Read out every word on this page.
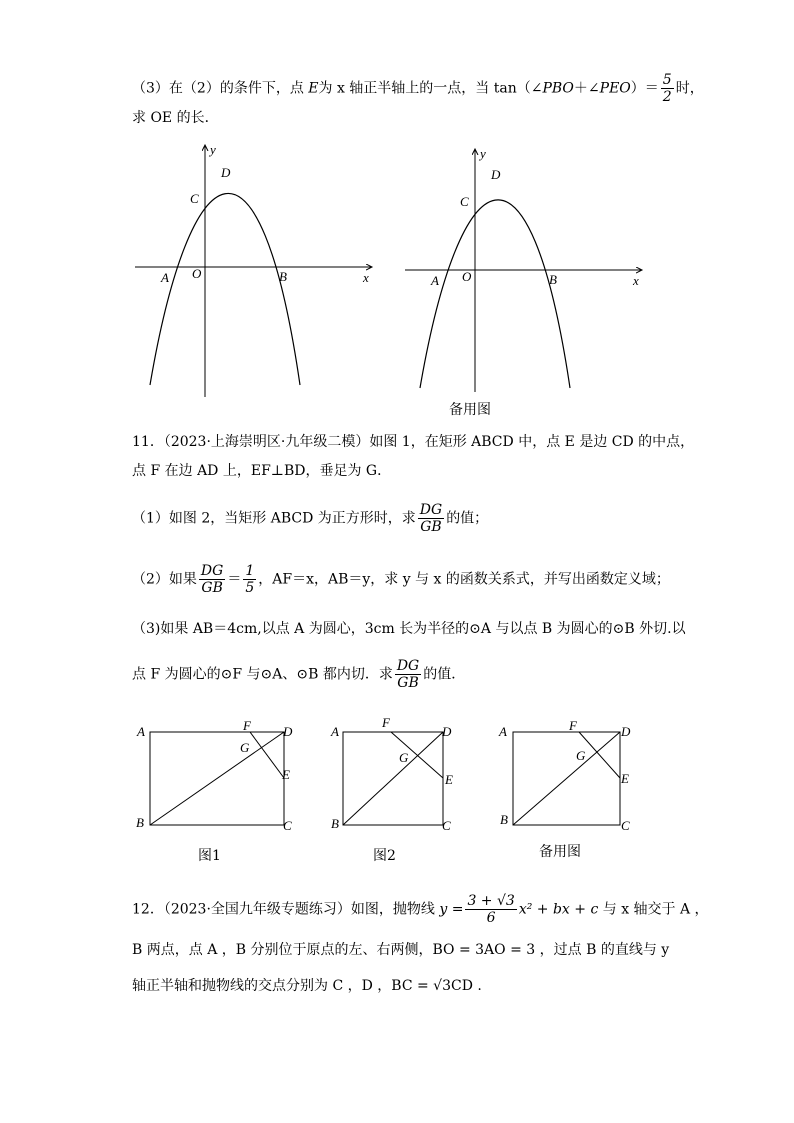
（3）在（2）的条件下，点 E为 x 轴正半轴上的一点，当 tan（∠PBO＋∠PEO）＝ $\frac{5}{2}$ 时，
求 OE 的长．
y
x
D
C
A O	B
y
x
D
C
A O	B
备用图
11．（2023·上海崇明区·九年级二模）如图 1，在矩形 ABCD 中，点 E 是边 CD 的中点，
点 F 在边 AD 上，EF⊥BD，垂足为 G．
（1）如图 2，当矩形 ABCD 为正方形时，求 $\frac{DG}{GB}$ 的值；
（2）如果 $\frac{DG}{GB} = \frac{1}{5}$ ，AF＝x，AB＝y，求 y 与 x 的函数关系式，并写出函数定义域；
（3)如果 AB＝4cm,以点 A 为圆心，3cm 长为半径的⊙A 与以点 B 为圆心的⊙B 外切.以
点 F 为圆心的⊙F 与⊙A、⊙B 都内切．求 $\frac{DG}{GB}$ 的值．
A
B	C
D
E
F
G
图1
A
B	C
D
E
F
G
图2
A
B	C
D
E
F
G
备用图
12．（2023·全国九年级专题练习）如图，抛物线 $y = \frac{3 + √3}{6} x^2$ + bx + c 与 x 轴交于 A ，
B 两点，点 A ，B 分别位于原点的左、右两侧，BO = 3AO = 3 ，过点 B 的直线与 y
轴正半轴和抛物线的交点分别为 C ，D ，BC = √3CD .
